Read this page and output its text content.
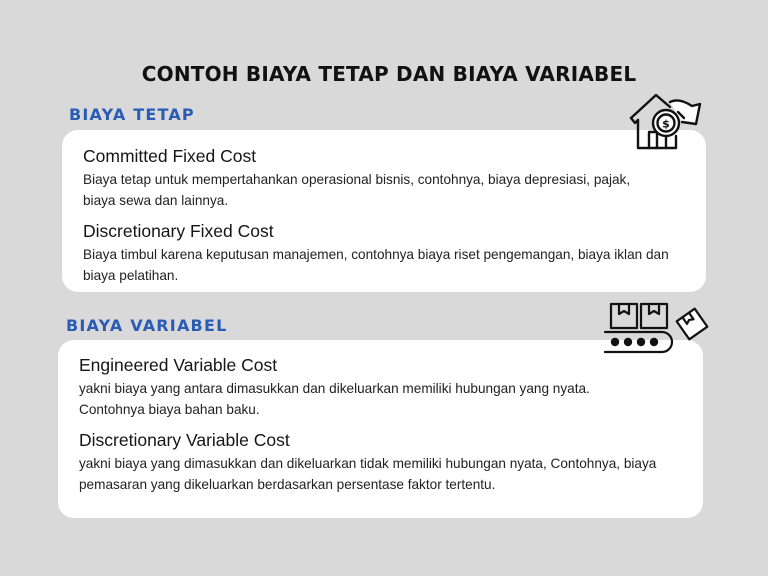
CONTOH BIAYA TETAP DAN BIAYA VARIABEL
BIAYA TETAP
Committed Fixed Cost

Biaya tetap untuk mempertahankan operasional bisnis, contohnya, biaya depresiasi, pajak, biaya sewa dan lainnya.

Discretionary Fixed Cost

Biaya timbul karena keputusan manajemen, contohnya biaya riset pengemangan, biaya iklan dan biaya pelatihan.

$
BIAYA VARIABEL
Engineered Variable Cost

yakni biaya yang antara dimasukkan dan dikeluarkan memiliki hubungan yang nyata. Contohnya biaya bahan baku.

Discretionary Variable Cost

yakni biaya yang dimasukkan dan dikeluarkan tidak memiliki hubungan nyata, Contohnya, biaya pemasaran yang dikeluarkan berdasarkan persentase faktor tertentu.
